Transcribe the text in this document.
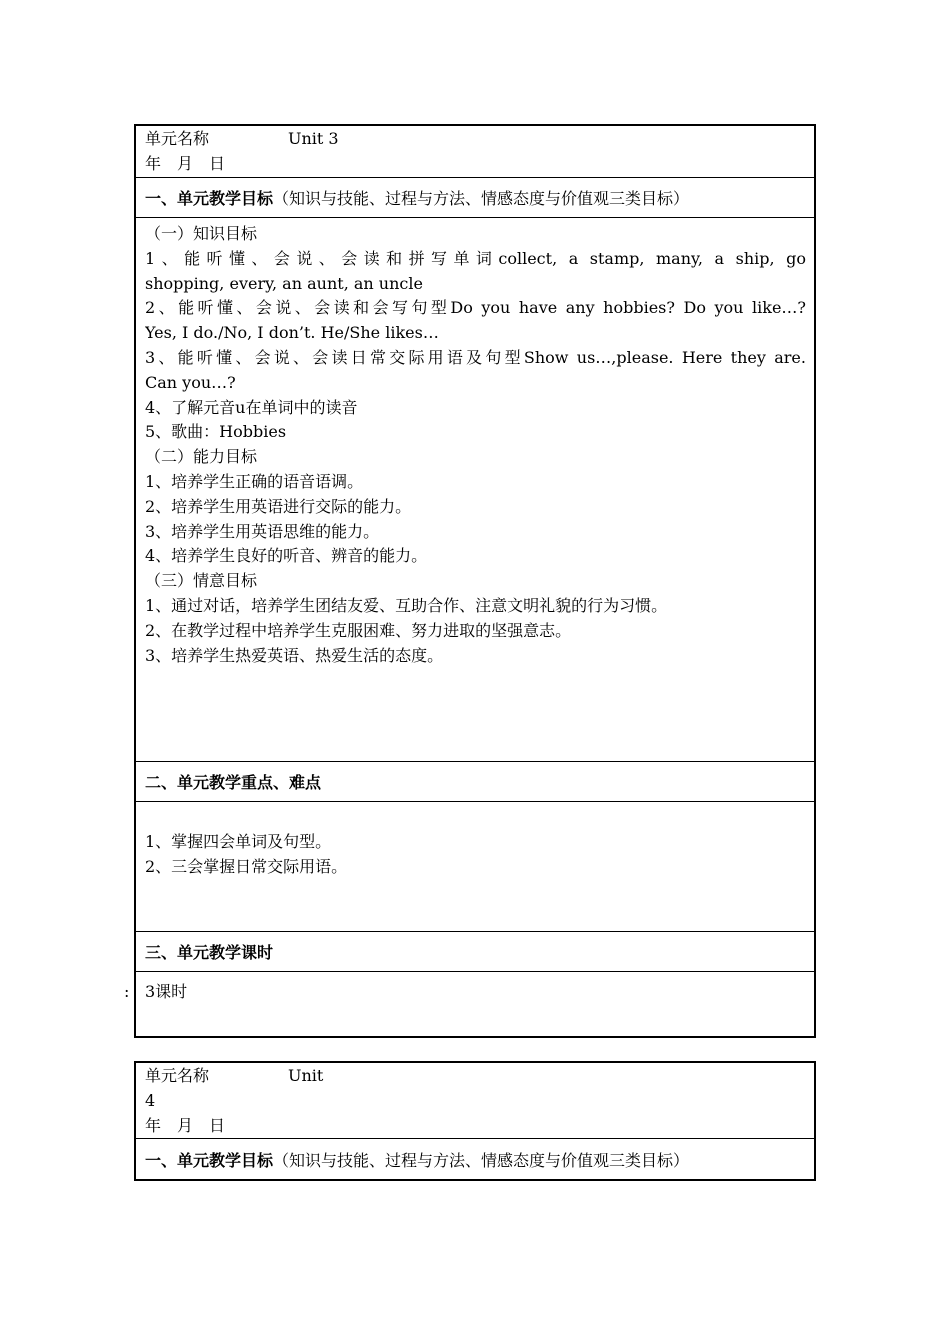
单元名称	Unit 3
年　月　日
一、单元教学目标 （知识与技能、过程与方法、情感态度与价值观三类目标）
（一）知识目标
1、能听懂、会说、会读和拼写单词collect, a stamp, many, a ship, go
shopping, every, an aunt, an uncle
2、能听懂、会说、会读和会写句型Do you have any hobbies? Do you like…?
Yes, I do./No, I don’t. He/She likes…
3、能听懂、会说、会读日常交际用语及句型Show us…,please. Here they are.
Can you…?
4、了解元音u在单词中的读音
5、歌曲：Hobbies
（二）能力目标
1、培养学生正确的语音语调。
2、培养学生用英语进行交际的能力。
3、培养学生用英语思维的能力。
4、培养学生良好的听音、辨音的能力。
（三）情意目标
1、通过对话，培养学生团结友爱、互助合作、注意文明礼貌的行为习惯。
2、在教学过程中培养学生克服困难、努力进取的坚强意志。
3、培养学生热爱英语、热爱生活的态度。
二、单元教学重点、难点
1、掌握四会单词及句型。
2、三会掌握日常交际用语。
三、单元教学课时
3课时
:
单元名称	Unit
4
年　月　日
一、单元教学目标 （知识与技能、过程与方法、情感态度与价值观三类目标）
